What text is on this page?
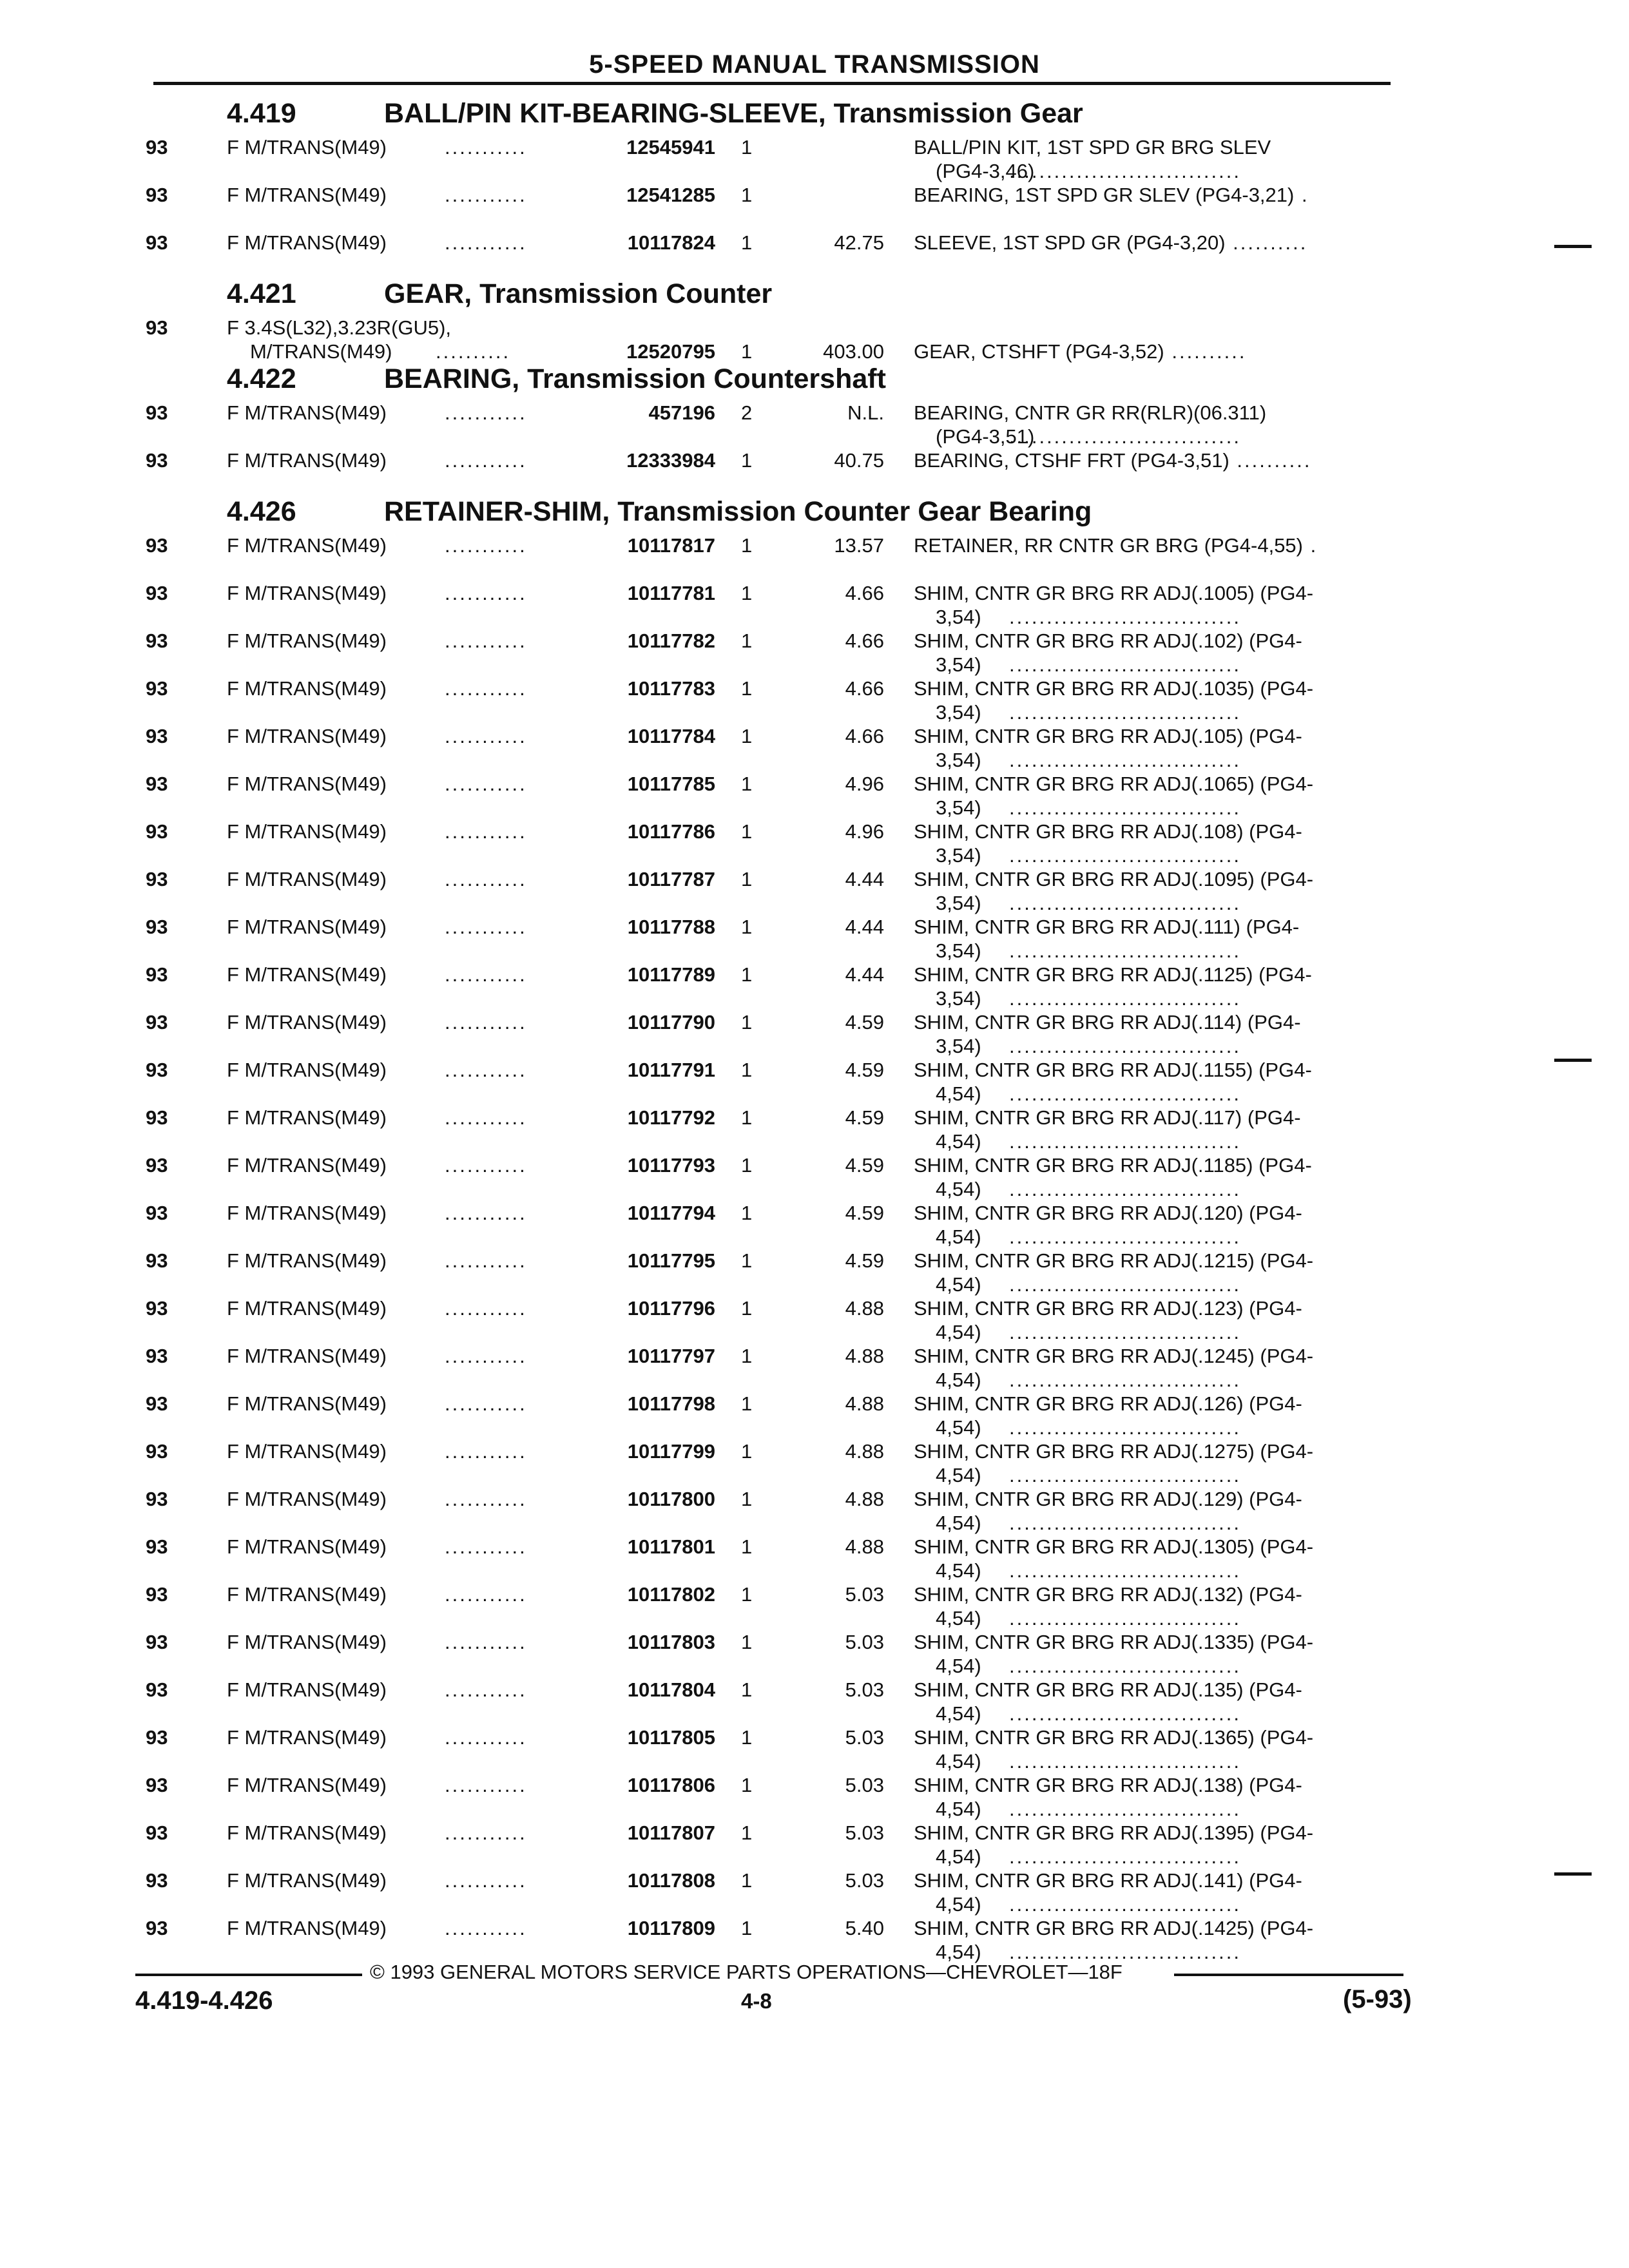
5-SPEED MANUAL TRANSMISSION
4.419	BALL/PIN KIT-BEARING-SLEEVE, Transmission Gear
93	F M/TRANS(M49)	...........	12545941 1	BALL/PIN KIT, 1ST SPD GR BRG SLEV
(PG4-3,46)
...............................
93	F M/TRANS(M49)	...........	12541285 1	BEARING, 1ST SPD GR SLEV (PG4-3,21) .
93	F M/TRANS(M49)	...........	10117824 1	42.75 SLEEVE, 1ST SPD GR (PG4-3,20) ..........
4.421	GEAR, Transmission Counter
93	F 3.4S(L32),3.23R(GU5),
M/TRANS(M49) ..........	12520795 1	403.00 GEAR, CTSHFT (PG4-3,52) ..........
4.422	BEARING, Transmission Countershaft
93	F M/TRANS(M49)	...........	457196 2	N.L. BEARING, CNTR GR RR(RLR)(06.311)
(PG4-3,51)
...............................
93	F M/TRANS(M49)	...........	12333984 1	40.75 BEARING, CTSHF FRT (PG4-3,51) ..........
4.426	RETAINER-SHIM, Transmission Counter Gear Bearing
93	F M/TRANS(M49)	...........	10117817 1	13.57 RETAINER, RR CNTR GR BRG (PG4-4,55) .
93	F M/TRANS(M49)	...........	10117781 1	4.66 SHIM, CNTR GR BRG RR ADJ(.1005) (PG4-
3,54) ...............................
93	F M/TRANS(M49)	...........	10117782 1	4.66 SHIM, CNTR GR BRG RR ADJ(.102) (PG4-
3,54) ...............................
93	F M/TRANS(M49)	...........	10117783 1	4.66 SHIM, CNTR GR BRG RR ADJ(.1035) (PG4-
3,54) ...............................
93	F M/TRANS(M49)	...........	10117784 1	4.66 SHIM, CNTR GR BRG RR ADJ(.105) (PG4-
3,54) ...............................
93	F M/TRANS(M49)	...........	10117785 1	4.96 SHIM, CNTR GR BRG RR ADJ(.1065) (PG4-
3,54) ...............................
93	F M/TRANS(M49)	...........	10117786 1	4.96 SHIM, CNTR GR BRG RR ADJ(.108) (PG4-
3,54) ...............................
93	F M/TRANS(M49)	...........	10117787 1	4.44 SHIM, CNTR GR BRG RR ADJ(.1095) (PG4-
3,54) ...............................
93	F M/TRANS(M49)	...........	10117788 1	4.44 SHIM, CNTR GR BRG RR ADJ(.111) (PG4-
3,54) ...............................
93	F M/TRANS(M49)	...........	10117789 1	4.44 SHIM, CNTR GR BRG RR ADJ(.1125) (PG4-
3,54) ...............................
93	F M/TRANS(M49)	...........	10117790 1	4.59 SHIM, CNTR GR BRG RR ADJ(.114) (PG4-
3,54) ...............................
93	F M/TRANS(M49)	...........	10117791 1	4.59 SHIM, CNTR GR BRG RR ADJ(.1155) (PG4-
4,54) ...............................
93	F M/TRANS(M49)	...........	10117792 1	4.59 SHIM, CNTR GR BRG RR ADJ(.117) (PG4-
4,54) ...............................
93	F M/TRANS(M49)	...........	10117793 1	4.59 SHIM, CNTR GR BRG RR ADJ(.1185) (PG4-
4,54) ...............................
93	F M/TRANS(M49)	...........	10117794 1	4.59 SHIM, CNTR GR BRG RR ADJ(.120) (PG4-
4,54) ...............................
93	F M/TRANS(M49)	...........	10117795 1	4.59 SHIM, CNTR GR BRG RR ADJ(.1215) (PG4-
4,54) ...............................
93	F M/TRANS(M49)	...........	10117796 1	4.88 SHIM, CNTR GR BRG RR ADJ(.123) (PG4-
4,54) ...............................
93	F M/TRANS(M49)	...........	10117797 1	4.88 SHIM, CNTR GR BRG RR ADJ(.1245) (PG4-
4,54) ...............................
93	F M/TRANS(M49)	...........	10117798 1	4.88 SHIM, CNTR GR BRG RR ADJ(.126) (PG4-
4,54) ...............................
93	F M/TRANS(M49)	...........	10117799 1	4.88 SHIM, CNTR GR BRG RR ADJ(.1275) (PG4-
4,54) ...............................
93	F M/TRANS(M49)	...........	10117800 1	4.88 SHIM, CNTR GR BRG RR ADJ(.129) (PG4-
4,54) ...............................
93	F M/TRANS(M49)	...........	10117801 1	4.88 SHIM, CNTR GR BRG RR ADJ(.1305) (PG4-
4,54) ...............................
93	F M/TRANS(M49)	...........	10117802 1	5.03 SHIM, CNTR GR BRG RR ADJ(.132) (PG4-
4,54) ...............................
93	F M/TRANS(M49)	...........	10117803 1	5.03 SHIM, CNTR GR BRG RR ADJ(.1335) (PG4-
4,54) ...............................
93	F M/TRANS(M49)	...........	10117804 1	5.03 SHIM, CNTR GR BRG RR ADJ(.135) (PG4-
4,54) ...............................
93	F M/TRANS(M49)	...........	10117805 1	5.03 SHIM, CNTR GR BRG RR ADJ(.1365) (PG4-
4,54) ...............................
93	F M/TRANS(M49)	...........	10117806 1	5.03 SHIM, CNTR GR BRG RR ADJ(.138) (PG4-
4,54) ...............................
93	F M/TRANS(M49)	...........	10117807 1	5.03 SHIM, CNTR GR BRG RR ADJ(.1395) (PG4-
4,54) ...............................
93	F M/TRANS(M49)	...........	10117808 1	5.03 SHIM, CNTR GR BRG RR ADJ(.141) (PG4-
4,54) ...............................
93	F M/TRANS(M49)	...........	10117809 1	5.40 SHIM, CNTR GR BRG RR ADJ(.1425) (PG4-
4,54) ...............................
© 1993 GENERAL MOTORS SERVICE PARTS OPERATIONS—CHEVROLET—18F
4.419-4.426	4-8	(5-93)
